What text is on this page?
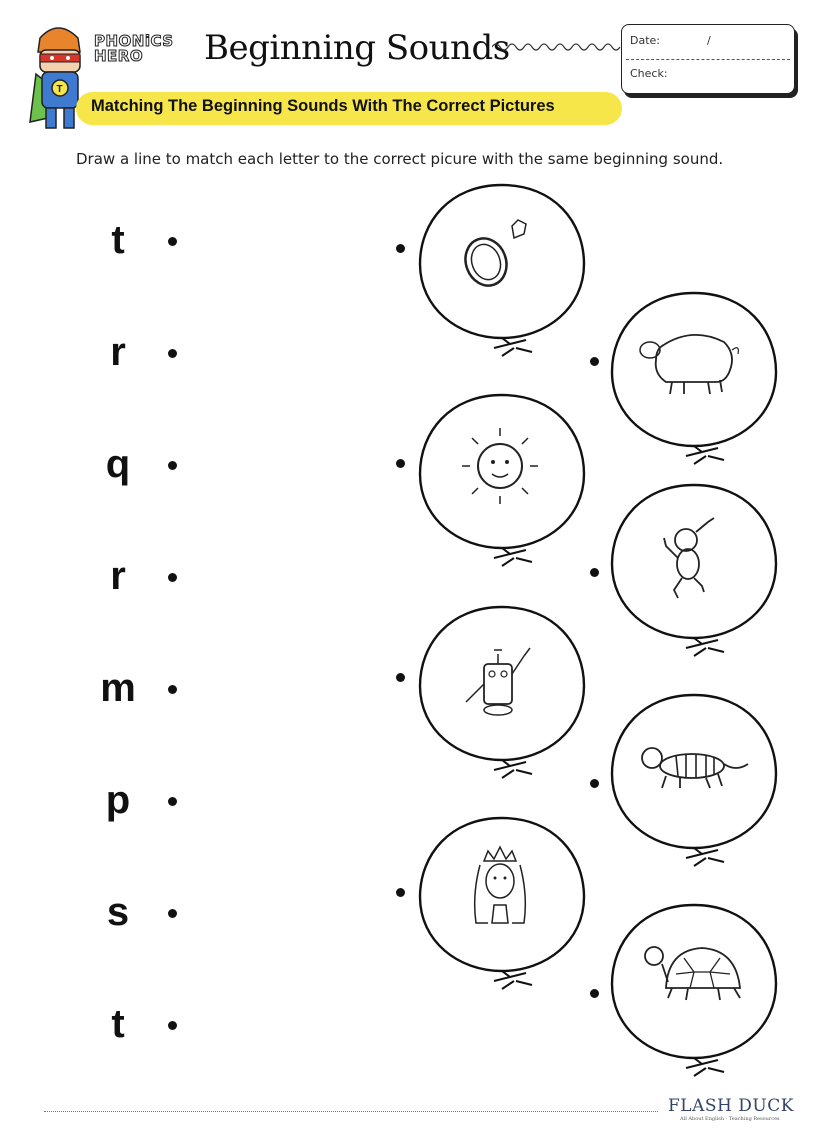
T
PHONiCS
HERO	Beginning Sounds	Date:	/
Check:
Matching The Beginning Sounds With The Correct Pictures
Draw a line to match each letter to the correct picure with the same beginning sound.
t
r
q
r
m
p
s
t
FLASH DUCK
All About English · Teaching Resources
